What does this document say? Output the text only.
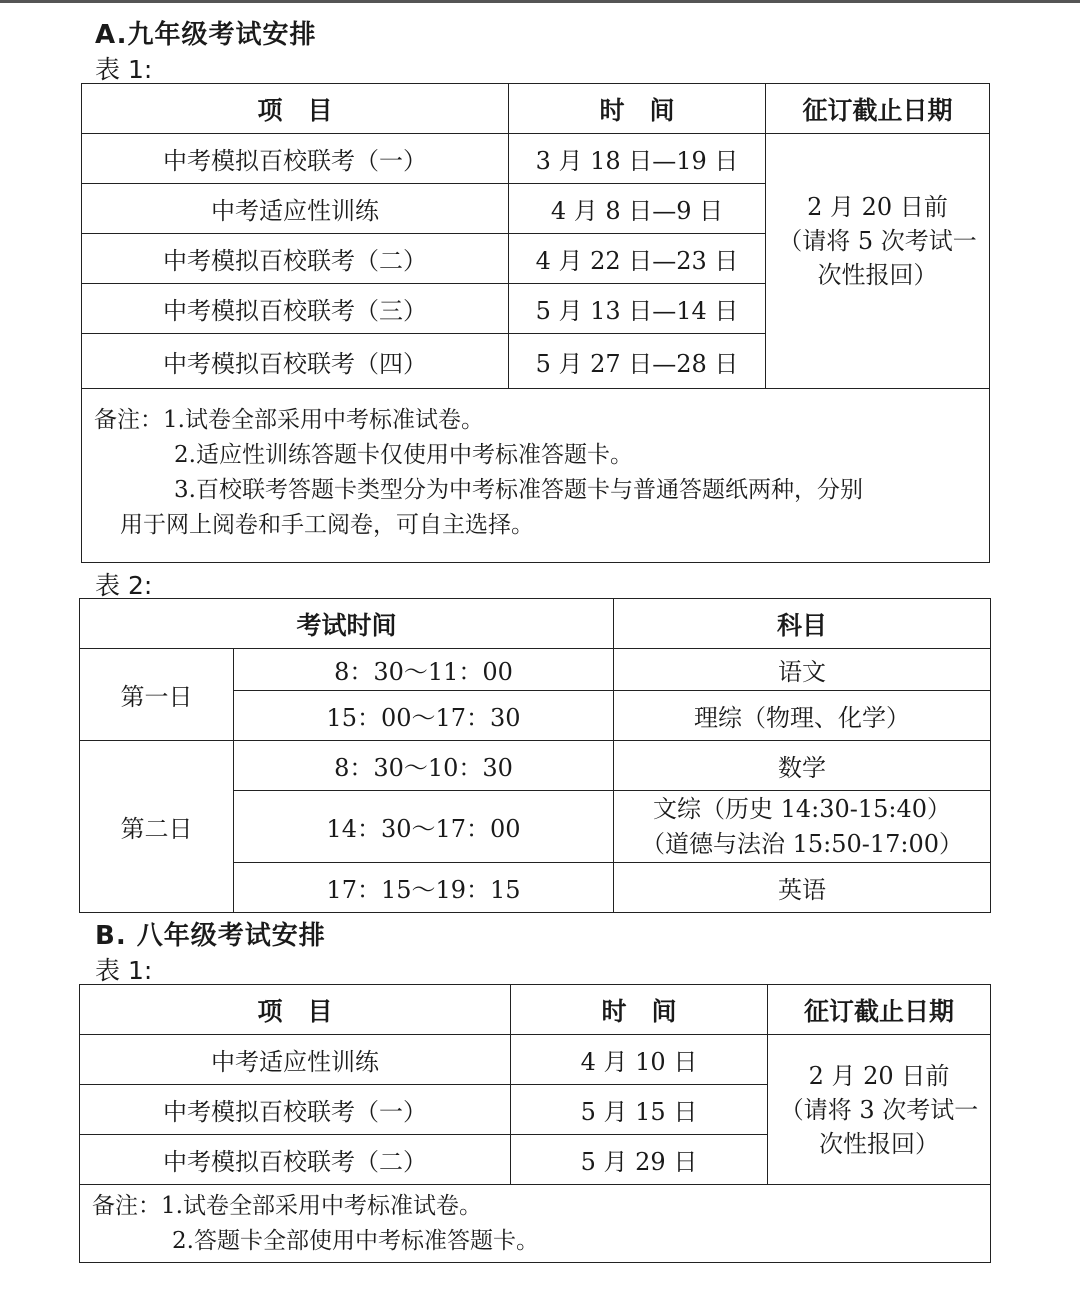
A.九年级考试安排
表 1:
项　目	时　间	征订截止日期
中考模拟百校联考（一）	3 月 18 日—19 日	2 月 20 日前
（请将 5 次考试一
次性报回）

中考适应性训练	4 月 8 日—9 日	
中考模拟百校联考（二）	4 月 22 日—23 日	
中考模拟百校联考（三）	5 月 13 日—14 日	
中考模拟百校联考（四）	5 月 27 日—28 日	

备注：1.试卷全部采用中考标准试卷。
2.适应性训练答题卡仅使用中考标准答题卡。
3.百校联考答题卡类型分为中考标准答题卡与普通答题纸两种，分别
用于网上阅卷和手工阅卷，可自主选择。		
表 2:
考试时间		科目
第一日	8：30～11：00	语文
	15：00～17：30	理综（物理、化学）
第二日	8：30～10：30	数学
	14：30～17：00	文综（历史 14:30-15:40）
（道德与法治 15:50-17:00）

	17：15～19：15	英语
B. 八年级考试安排
表 1:
项　目	时　间	征订截止日期
中考适应性训练	4 月 10 日	2 月 20 日前
（请将 3 次考试一
次性报回）

中考模拟百校联考（一）	5 月 15 日	
中考模拟百校联考（二）	5 月 29 日	

备注：1.试卷全部采用中考标准试卷。
2.答题卡全部使用中考标准答题卡。		
